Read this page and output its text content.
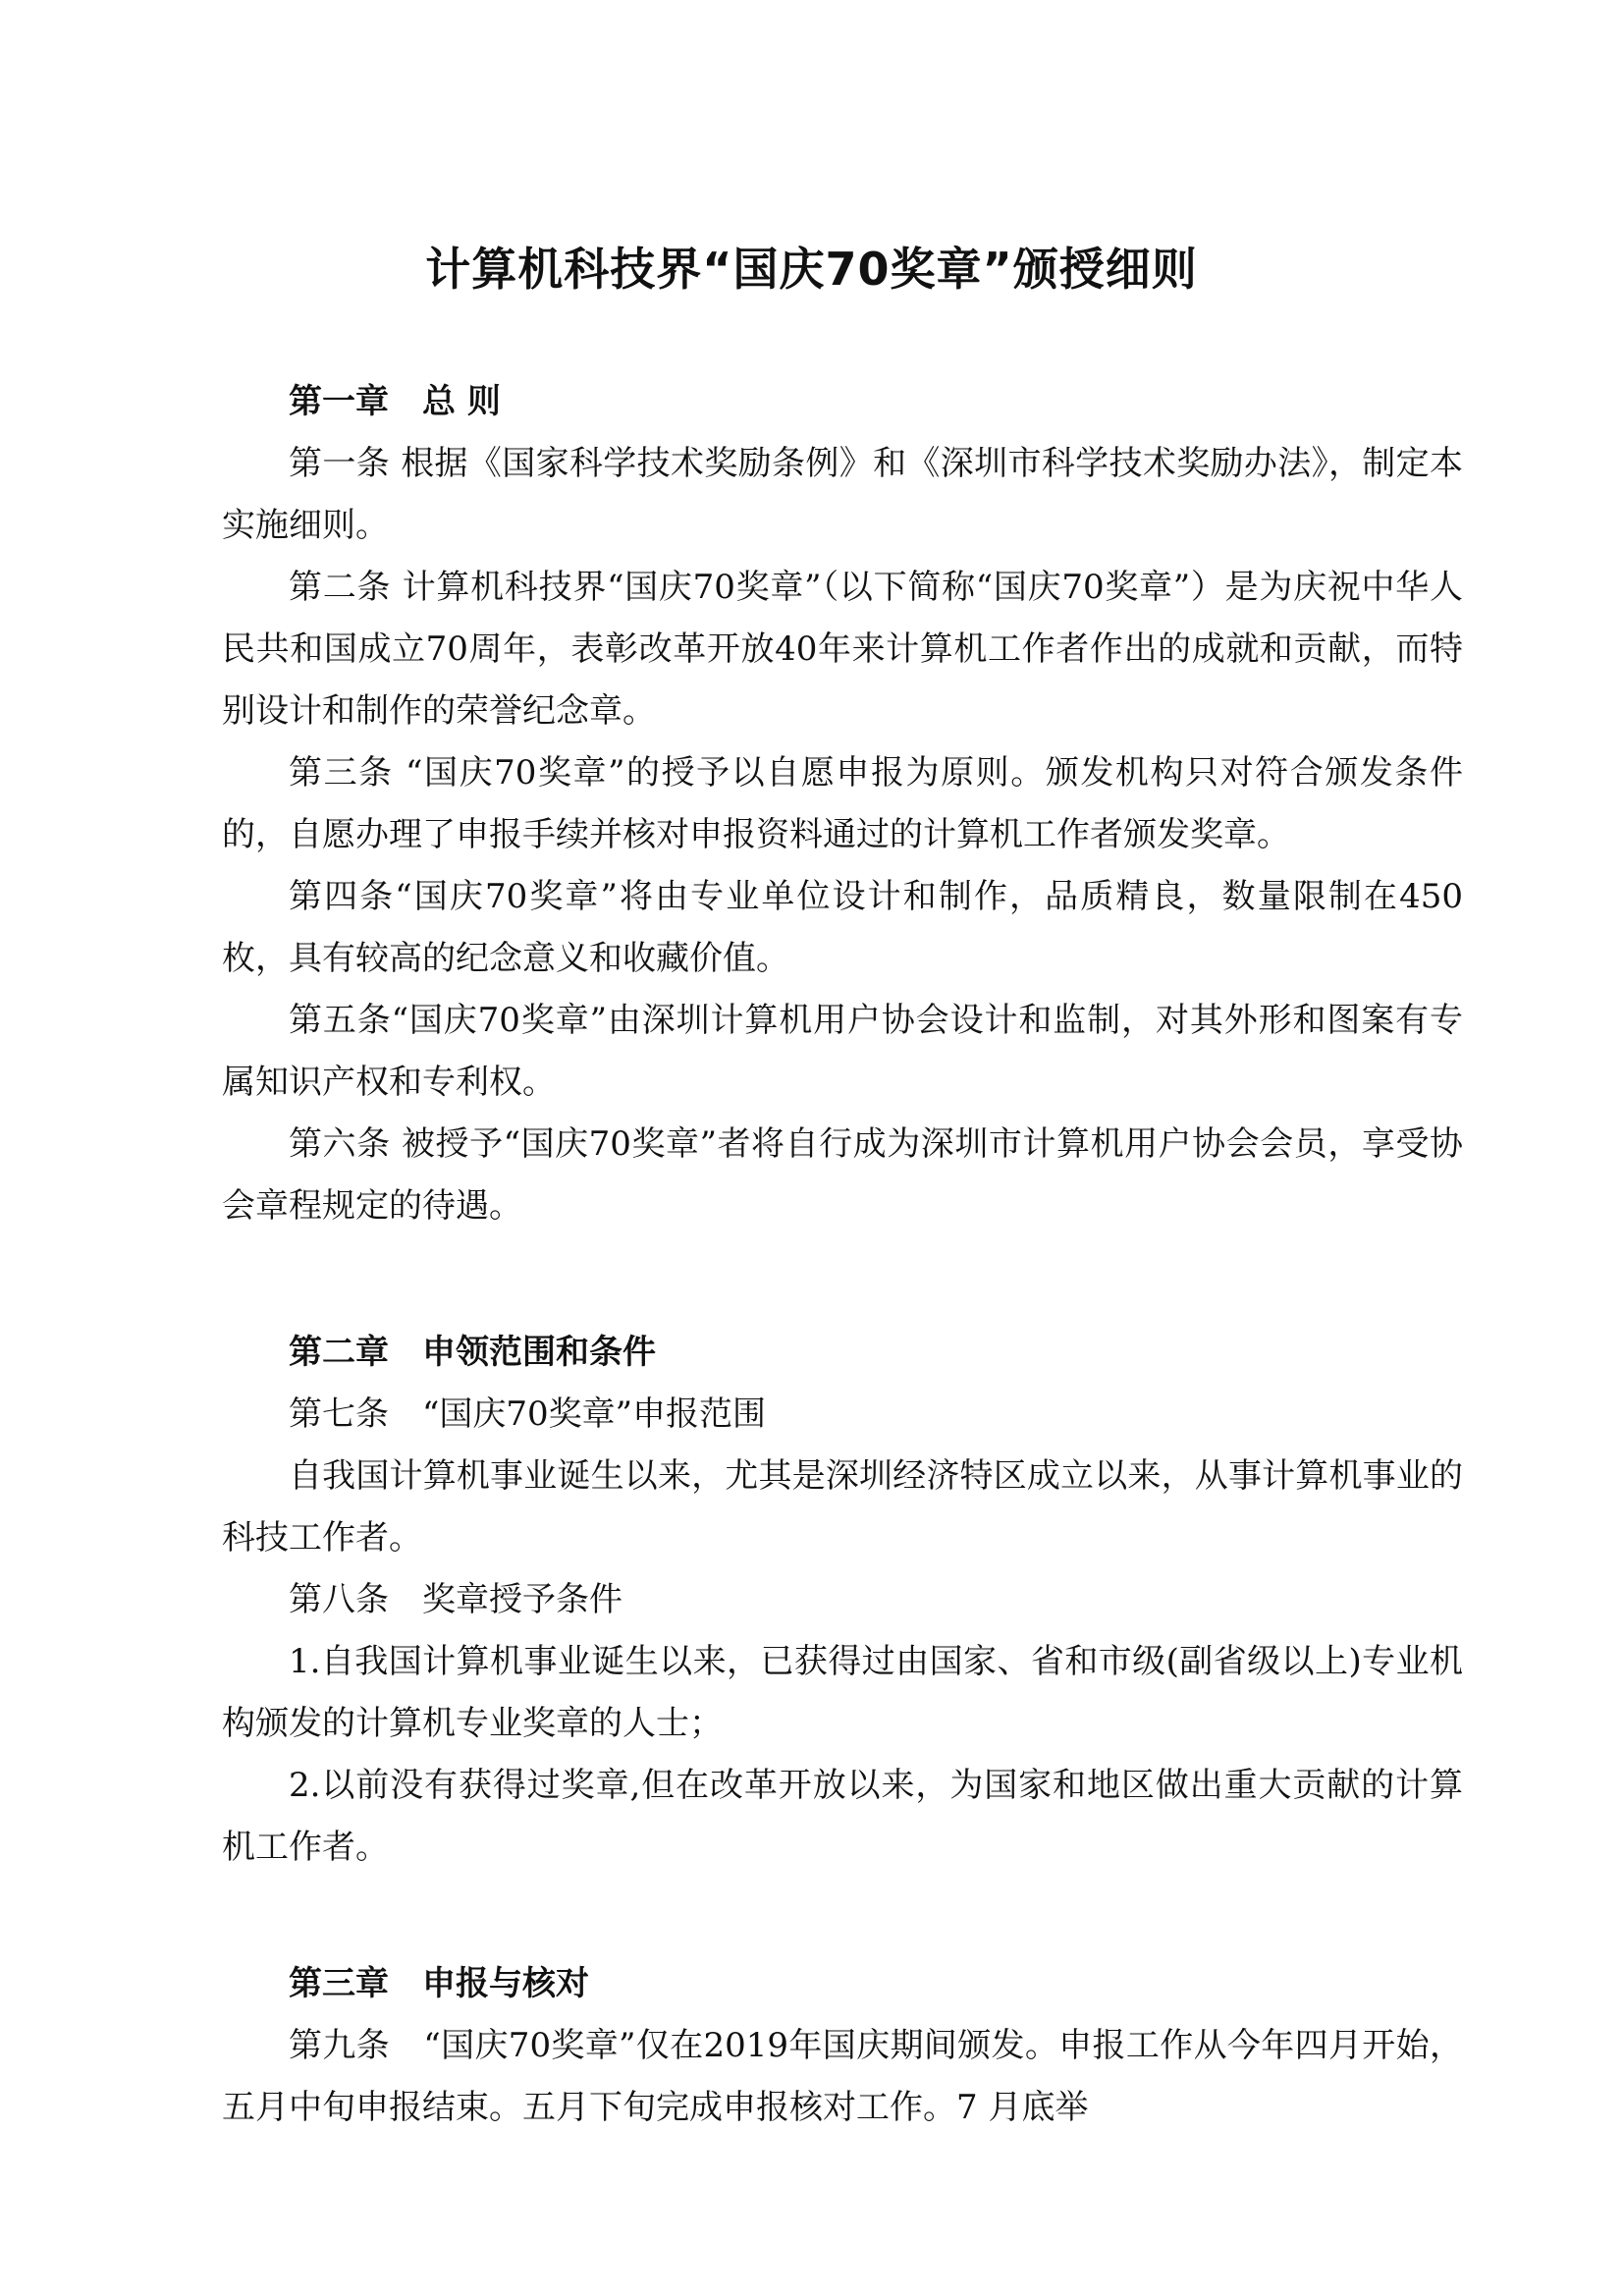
计算机科技界“国庆70奖章”颁授细则

第一章　总 则

第一条 根据《国家科学技术奖励条例》和《深圳市科学技术奖励办法》，制定本实施细则。

第二条 计算机科技界“国庆70奖章”（以下简称“国庆70奖章”）是为庆祝中华人民共和国成立70周年，表彰改革开放40年来计算机工作者作出的成就和贡献，而特别设计和制作的荣誉纪念章。

第三条 “国庆70奖章”的授予以自愿申报为原则。颁发机构只对符合颁发条件的，自愿办理了申报手续并核对申报资料通过的计算机工作者颁发奖章。

第四条“国庆70奖章”将由专业单位设计和制作，品质精良，数量限制在450枚，具有较高的纪念意义和收藏价值。

第五条“国庆70奖章”由深圳计算机用户协会设计和监制，对其外形和图案有专属知识产权和专利权。

第六条 被授予“国庆70奖章”者将自行成为深圳市计算机用户协会会员，享受协会章程规定的待遇。

第二章　申领范围和条件

第七条　“国庆70奖章”申报范围

自我国计算机事业诞生以来，尤其是深圳经济特区成立以来，从事计算机事业的科技工作者。

第八条　奖章授予条件

1.自我国计算机事业诞生以来，已获得过由国家、省和市级(副省级以上)专业机构颁发的计算机专业奖章的人士；

2.以前没有获得过奖章,但在改革开放以来，为国家和地区做出重大贡献的计算机工作者。

第三章　申报与核对

第九条　“国庆70奖章”仅在2019年国庆期间颁发。申报工作从今年四月开始，五月中旬申报结束。五月下旬完成申报核对工作。7 月底举
